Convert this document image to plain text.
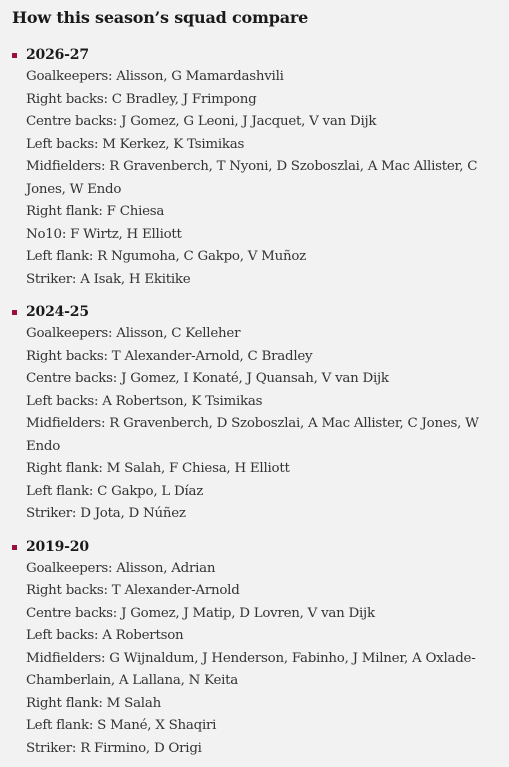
How this season’s squad compare
2026-27
Goalkeepers: Alisson, G Mamardashvili
Right backs: C Bradley, J Frimpong
Centre backs: J Gomez, G Leoni, J Jacquet, V van Dijk
Left backs: M Kerkez, K Tsimikas
Midfielders: R Gravenberch, T Nyoni, D Szoboszlai, A Mac Allister, C
Jones, W Endo
Right flank: F Chiesa
No10: F Wirtz, H Elliott
Left flank: R Ngumoha, C Gakpo, V Muñoz
Striker: A Isak, H Ekitike
2024-25
Goalkeepers: Alisson, C Kelleher
Right backs: T Alexander-Arnold, C Bradley
Centre backs: J Gomez, I Konaté, J Quansah, V van Dijk
Left backs: A Robertson, K Tsimikas
Midfielders: R Gravenberch, D Szoboszlai, A Mac Allister, C Jones, W
Endo
Right flank: M Salah, F Chiesa, H Elliott
Left flank: C Gakpo, L Díaz
Striker: D Jota, D Núñez
2019-20
Goalkeepers: Alisson, Adrian
Right backs: T Alexander-Arnold
Centre backs: J Gomez, J Matip, D Lovren, V van Dijk
Left backs: A Robertson
Midfielders: G Wijnaldum, J Henderson, Fabinho, J Milner, A Oxlade-
Chamberlain, A Lallana, N Keita
Right flank: M Salah
Left flank: S Mané, X Shaqiri
Striker: R Firmino, D Origi
